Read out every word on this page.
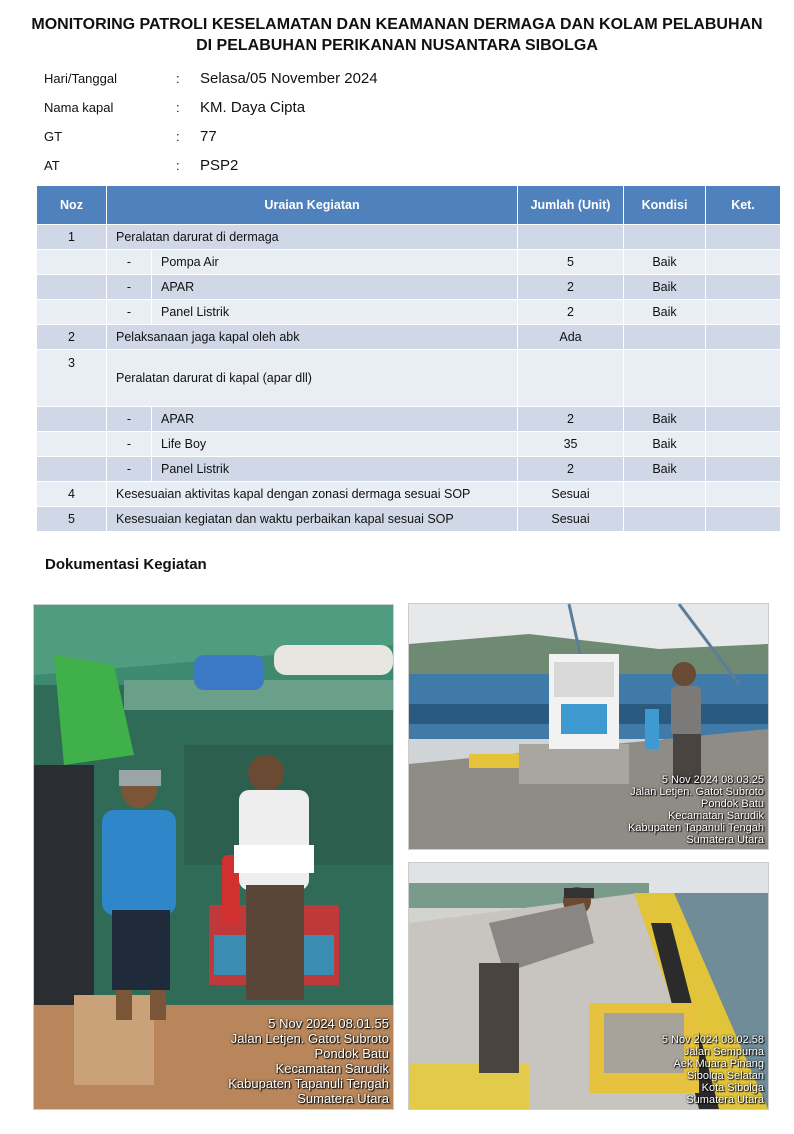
MONITORING PATROLI KESELAMATAN DAN KEAMANAN DERMAGA DAN KOLAM PELABUHAN
DI PELABUHAN PERIKANAN NUSANTARA SIBOLGA
Hari/Tanggal	:	Selasa/05 November 2024
Nama kapal	:	KM. Daya Cipta
GT	:	77
AT	:	PSP2
Noz	Uraian Kegiatan		Jumlah (Unit)	Kondisi	Ket.
1	Peralatan darurat di dermaga				
	-	Pompa Air	5	Baik	
	-	APAR	2	Baik	
	-	Panel Listrik	2	Baik	
2	Pelaksanaan jaga kapal oleh abk		Ada		
3	Peralatan darurat di kapal (apar dll)				
	-	APAR	2	Baik	
	-	Life Boy	35	Baik	
	-	Panel Listrik	2	Baik	
4	Kesesuaian aktivitas kapal dengan zonasi dermaga sesuai SOP		Sesuai		
5	Kesesuaian kegiatan dan waktu perbaikan kapal sesuai SOP		Sesuai		
Dokumentasi Kegiatan
5 Nov 2024 08.01.55
Jalan Letjen. Gatot Subroto
Pondok Batu
Kecamatan Sarudik
Kabupaten Tapanuli Tengah
Sumatera Utara
5 Nov 2024 08.03.25
Jalan Letjen. Gatot Subroto
Pondok Batu
Kecamatan Sarudik
Kabupaten Tapanuli Tengah
Sumatera Utara
5 Nov 2024 08.02.58
Jalan Sempurna
Aek Muara Pinang
Sibolga Selatan
Kota Sibolga
Sumatera Utara
